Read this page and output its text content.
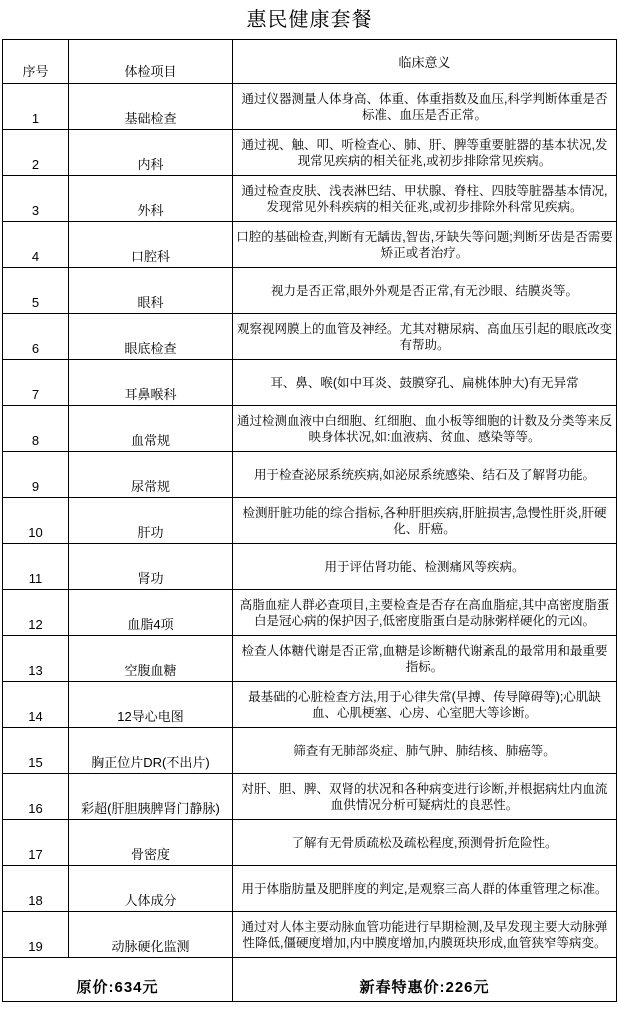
惠民健康套餐
序号	体检项目	临床意义
1	基础检查	通过仪器测量人体身高、体重、体重指数及血压,科学判断体重是否标准、血压是否正常。
2	内科	通过视、触、叩、听检查心、肺、肝、脾等重要脏器的基本状况,发现常见疾病的相关征兆,或初步排除常见疾病。
3	外科	通过检查皮肤、浅表淋巴结、甲状腺、脊柱、四肢等脏器基本情况,发现常见外科疾病的相关征兆,或初步排除外科常见疾病。
4	口腔科	口腔的基础检查,判断有无龋齿,智齿,牙缺失等问题;判断牙齿是否需要矫正或者治疗。
5	眼科	视力是否正常,眼外外观是否正常,有无沙眼、结膜炎等。
6	眼底检查	观察视网膜上的血管及神经。尤其对糖尿病、高血压引起的眼底改变有帮助。
7	耳鼻喉科	耳、鼻、喉(如中耳炎、鼓膜穿孔、扁桃体肿大)有无异常
8	血常规	通过检测血液中白细胞、红细胞、血小板等细胞的计数及分类等来反映身体状况,如:血液病、贫血、感染等等。
9	尿常规	用于检查泌尿系统疾病,如泌尿系统感染、结石及了解肾功能。
10	肝功	检测肝脏功能的综合指标,各种肝胆疾病,肝脏损害,急慢性肝炎,肝硬化、肝癌。
11	肾功	用于评估肾功能、检测痛风等疾病。
12	血脂4项	高脂血症人群必查项目,主要检查是否存在高血脂症,其中高密度脂蛋白是冠心病的保护因子,低密度脂蛋白是动脉粥样硬化的元凶。
13	空腹血糖	检查人体糖代谢是否正常,血糖是诊断糖代谢紊乱的最常用和最重要指标。
14	12导心电图	最基础的心脏检查方法,用于心律失常(早搏、传导障碍等);心肌缺血、心肌梗塞、心房、心室肥大等诊断。
15	胸正位片DR(不出片)	筛查有无肺部炎症、肺气肿、肺结核、肺癌等。
16	彩超(肝胆胰脾肾门静脉)	对肝、胆、脾、双肾的状况和各种病变进行诊断,并根据病灶内血流血供情况分析可疑病灶的良恶性。
17	骨密度	了解有无骨质疏松及疏松程度,预测骨折危险性。
18	人体成分	用于体脂肪量及肥胖度的判定,是观察三高人群的体重管理之标准。
19	动脉硬化监测	通过对人体主要动脉血管功能进行早期检测,及早发现主要大动脉弹性降低,僵硬度增加,内中膜度增加,内膜斑块形成,血管狭窄等病变。
原价:634元		新春特惠价:226元
